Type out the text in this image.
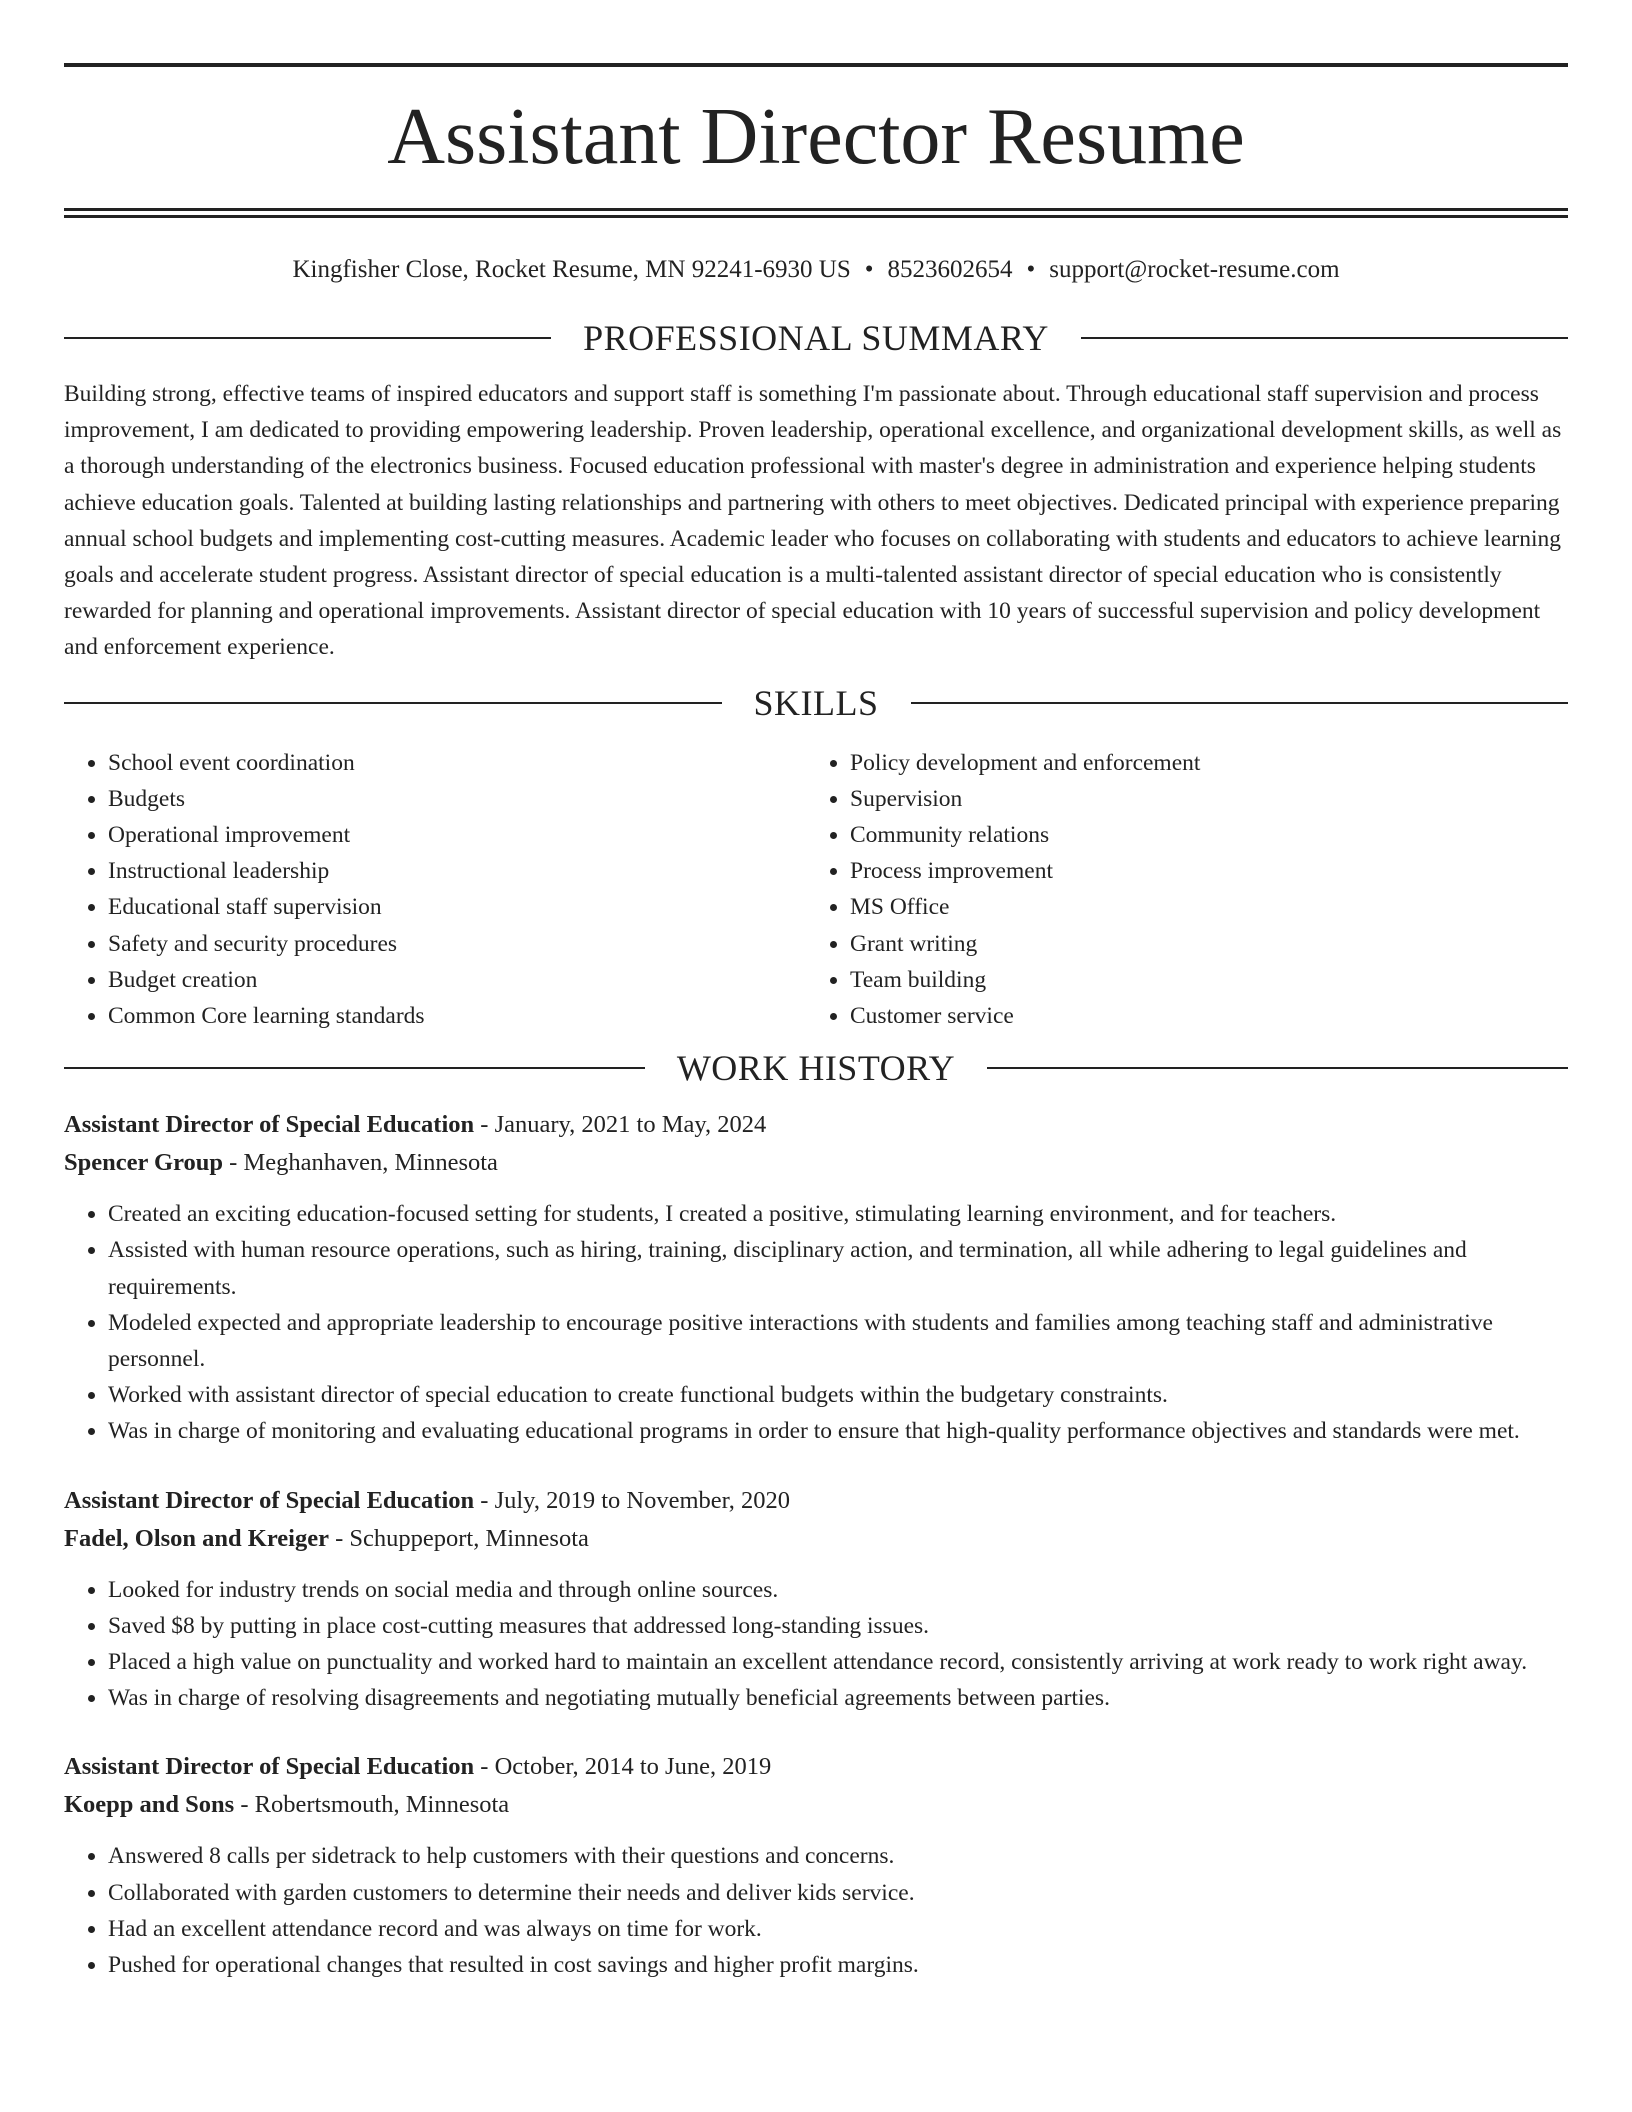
Assistant Director Resume
Kingfisher Close, Rocket Resume, MN 92241-6930 US • 8523602654 • support@rocket-resume.com
PROFESSIONAL SUMMARY

Building strong, effective teams of inspired educators and support staff is something I'm passionate about. Through educational staff supervision and process improvement, I am dedicated to providing empowering leadership. Proven leadership, operational excellence, and organizational development skills, as well as a thorough understanding of the electronics business. Focused education professional with master's degree in administration and experience helping students achieve education goals. Talented at building lasting relationships and partnering with others to meet objectives. Dedicated principal with experience preparing annual school budgets and implementing cost-cutting measures. Academic leader who focuses on collaborating with students and educators to achieve learning goals and accelerate student progress. Assistant director of special education is a multi-talented assistant director of special education who is consistently rewarded for planning and operational improvements. Assistant director of special education with 10 years of successful supervision and policy development and enforcement experience.

SKILLS
• School event coordination
• Budgets
• Operational improvement
• Instructional leadership
• Educational staff supervision
• Safety and security procedures
• Budget creation
• Common Core learning standards
• Policy development and enforcement
• Supervision
• Community relations
• Process improvement
• MS Office
• Grant writing
• Team building
• Customer service
WORK HISTORY
Assistant Director of Special Education - January, 2021 to May, 2024
Spencer Group - Meghanhaven, Minnesota
• Created an exciting education-focused setting for students, I created a positive, stimulating learning environment, and for teachers.
• Assisted with human resource operations, such as hiring, training, disciplinary action, and termination, all while adhering to legal guidelines and requirements.
• Modeled expected and appropriate leadership to encourage positive interactions with students and families among teaching staff and administrative personnel.
• Worked with assistant director of special education to create functional budgets within the budgetary constraints.
• Was in charge of monitoring and evaluating educational programs in order to ensure that high-quality performance objectives and standards were met.
Assistant Director of Special Education - July, 2019 to November, 2020
Fadel, Olson and Kreiger - Schuppeport, Minnesota
• Looked for industry trends on social media and through online sources.
• Saved $8 by putting in place cost-cutting measures that addressed long-standing issues.
• Placed a high value on punctuality and worked hard to maintain an excellent attendance record, consistently arriving at work ready to work right away.
• Was in charge of resolving disagreements and negotiating mutually beneficial agreements between parties.
Assistant Director of Special Education - October, 2014 to June, 2019
Koepp and Sons - Robertsmouth, Minnesota
• Answered 8 calls per sidetrack to help customers with their questions and concerns.
• Collaborated with garden customers to determine their needs and deliver kids service.
• Had an excellent attendance record and was always on time for work.
• Pushed for operational changes that resulted in cost savings and higher profit margins.
